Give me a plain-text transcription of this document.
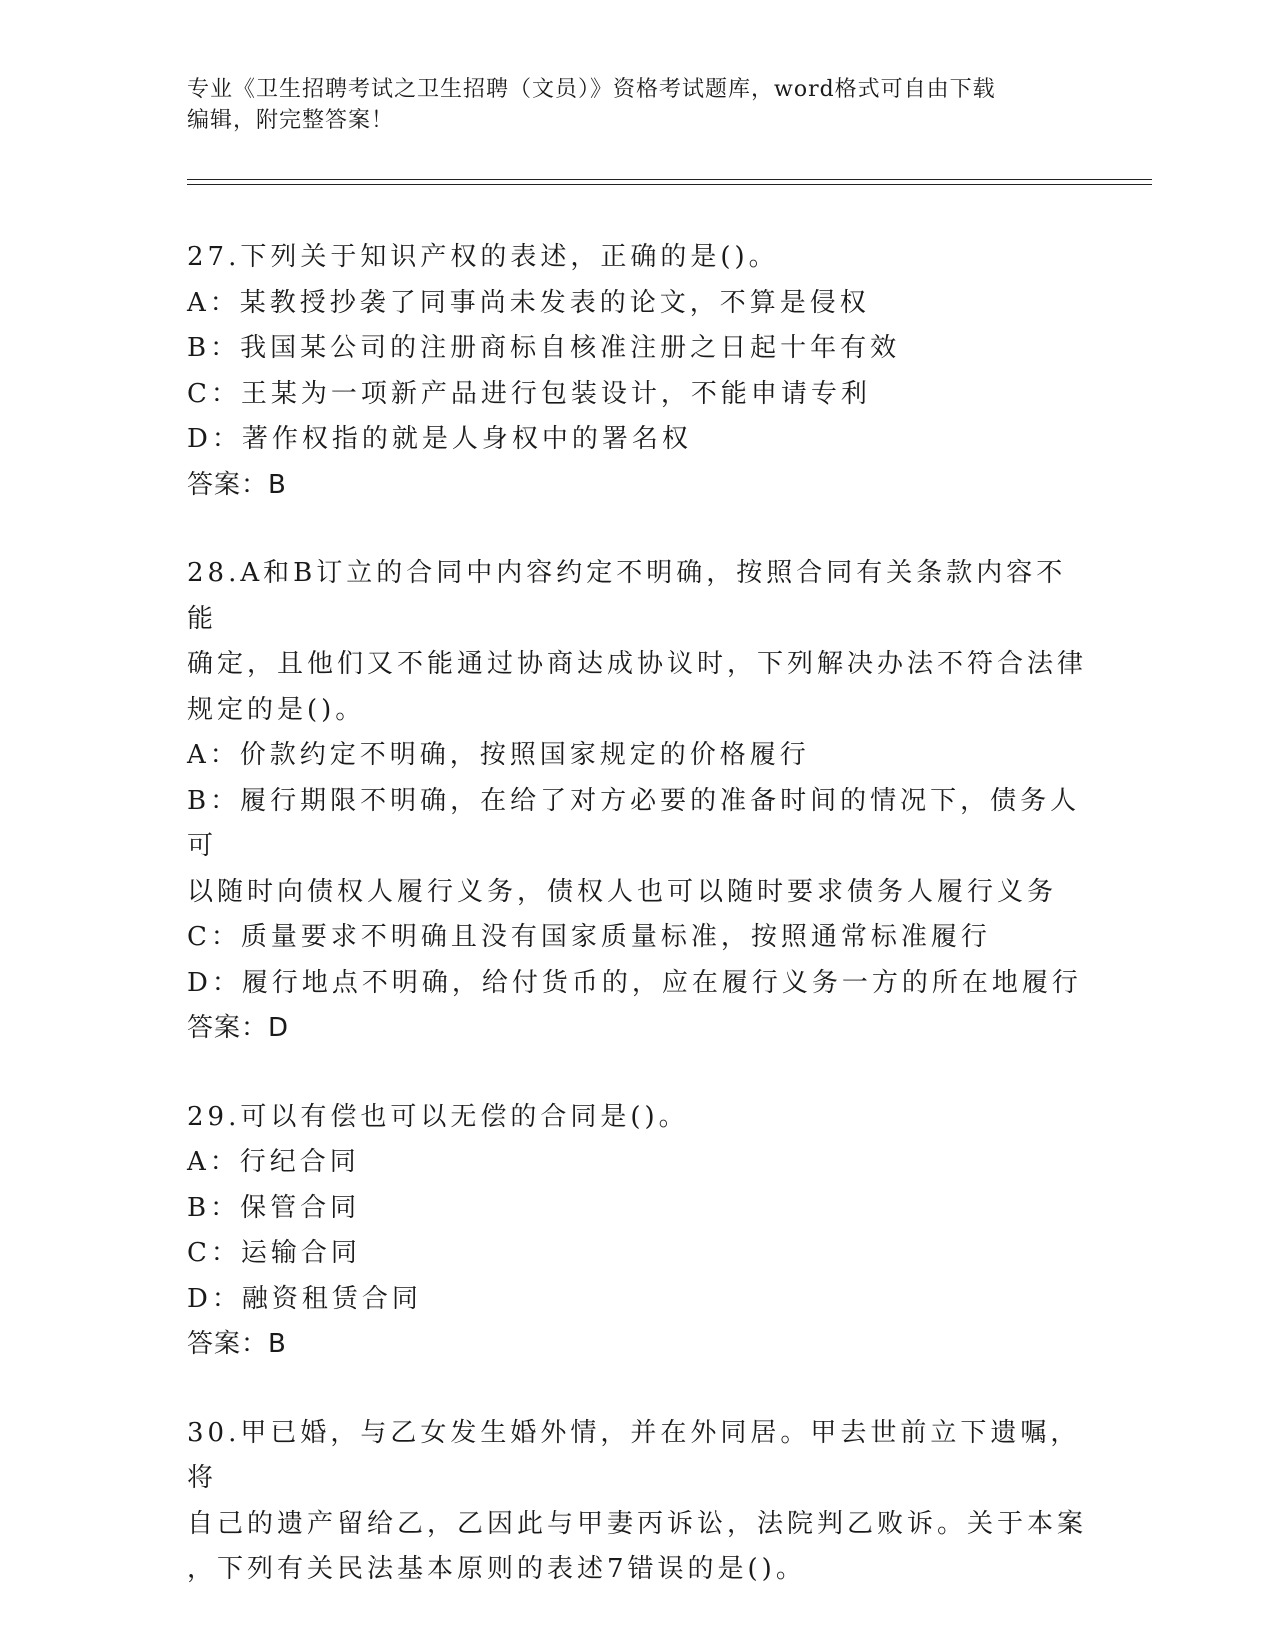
专业《卫生招聘考试之卫生招聘（文员）》资格考试题库，word格式可自由下载
编辑，附完整答案！
27.下列关于知识产权的表述，正确的是()。
A：某教授抄袭了同事尚未发表的论文，不算是侵权
B：我国某公司的注册商标自核准注册之日起十年有效
C：王某为一项新产品进行包装设计，不能申请专利
D：著作权指的就是人身权中的署名权
答案：B
28.A和B订立的合同中内容约定不明确，按照合同有关条款内容不能
确定，且他们又不能通过协商达成协议时，下列解决办法不符合法律
规定的是()。
A：价款约定不明确，按照国家规定的价格履行
B：履行期限不明确，在给了对方必要的准备时间的情况下，债务人可
以随时向债权人履行义务，债权人也可以随时要求债务人履行义务
C：质量要求不明确且没有国家质量标准，按照通常标准履行
D：履行地点不明确，给付货币的，应在履行义务一方的所在地履行
答案：D
29.可以有偿也可以无偿的合同是()。
A：行纪合同
B：保管合同
C：运输合同
D：融资租赁合同
答案：B
30.甲已婚，与乙女发生婚外情，并在外同居。甲去世前立下遗嘱，将
自己的遗产留给乙，乙因此与甲妻丙诉讼，法院判乙败诉。关于本案
，下列有关民法基本原则的表述7错误的是()。
